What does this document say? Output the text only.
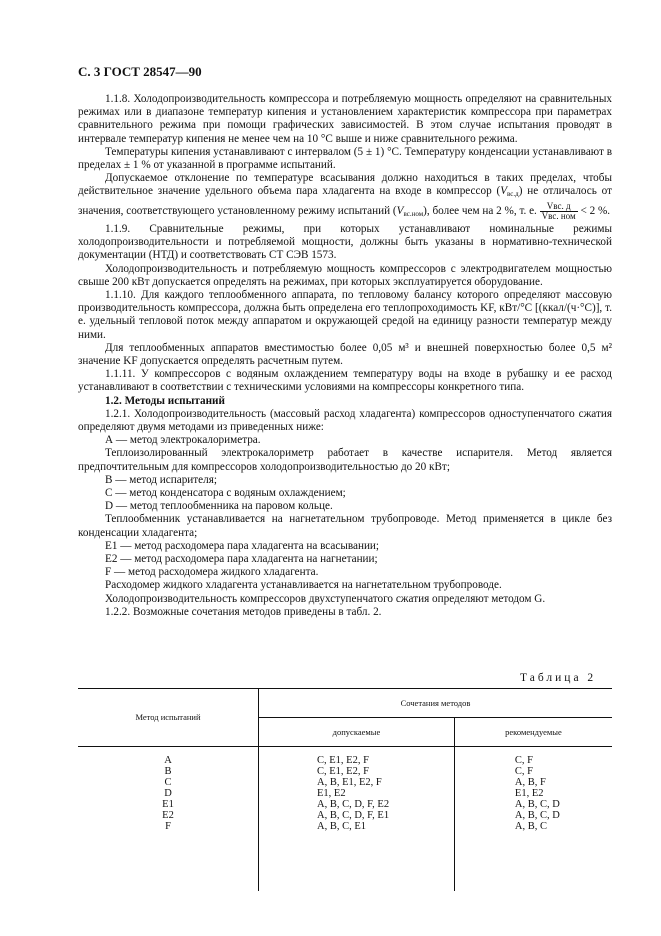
С. 3 ГОСТ 28547—90

1.1.8. Холодопроизводительность компрессора и потребляемую мощность определяют на сравнительных режимах или в диапазоне температур кипения и установлением характеристик компрессора при параметрах сравнительного режима при помощи графических зависимостей. В этом случае испытания проводят в интервале температур кипения не менее чем на 10 °С выше и ниже сравнительного режима.

Температуры кипения устанавливают с интервалом (5 ± 1) °С. Температуру конденсации устанавливают в пределах ± 1 % от указанной в программе испытаний.

Допускаемое отклонение по температуре всасывания должно находиться в таких пределах, чтобы действительное значение удельного объема пара хладагента на входе в компрессор $(V_{вс.д})$ не отличалось от значения, соответствующего установленному режиму испытаний $(V_{вс.ном})$, более чем на 2 %, т. е. $\frac{\text{Vвс. д}}{\text{Vвс. ном}} < 2$ %.

1.1.9. Сравнительные режимы, при которых устанавливают номинальные режимы холодопроизводительности и потребляемой мощности, должны быть указаны в нормативно-технической документации (НТД) и соответствовать СТ СЭВ 1573.

Холодопроизводительность и потребляемую мощность компрессоров с электродвигателем мощностью свыше 200 кВт допускается определять на режимах, при которых эксплуатируется оборудование.

1.1.10. Для каждого теплообменного аппарата, по тепловому балансу которого определяют массовую производительность компрессора, должна быть определена его теплопроходимость KF, кВт/°С [(ккал/(ч·°С)], т. е. удельный тепловой поток между аппаратом и окружающей средой на единицу разности температур между ними.

Для теплообменных аппаратов вместимостью более 0,05 м³ и внешней поверхностью более 0,5 м² значение KF допускается определять расчетным путем.

1.1.11. У компрессоров с водяным охлаждением температуру воды на входе в рубашку и ее расход устанавливают в соответствии с техническими условиями на компрессоры конкретного типа.

1.2. Методы испытаний

1.2.1. Холодопроизводительность (массовый расход хладагента) компрессоров одноступенчатого сжатия определяют двумя методами из приведенных ниже:

А — метод электрокалориметра.

Теплоизолированный электрокалориметр работает в качестве испарителя. Метод является предпочтительным для компрессоров холодопроизводительностью до 20 кВт;

В — метод испарителя;

С — метод конденсатора с водяным охлаждением;

D — метод теплообменника на паровом кольце.

Теплообменник устанавливается на нагнетательном трубопроводе. Метод применяется в цикле без конденсации хладагента;

Е1 — метод расходомера пара хладагента на всасывании;

Е2 — метод расходомера пара хладагента на нагнетании;

F — метод расходомера жидкого хладагента.

Расходомер жидкого хладагента устанавливается на нагнетательном трубопроводе.

Холодопроизводительность компрессоров двухступенчатого сжатия определяют методом G.

1.2.2. Возможные сочетания методов приведены в табл. 2.

Таблица 2
Метод испытаний	Сочетания методов	
	допускаемые	рекомендуемые
А	С, Е1, Е2, F	С, F
В	С, Е1, Е2, F	С, F
С	А, В, Е1, Е2, F	А, В, F
D	Е1, Е2	Е1, Е2
Е1	А, В, С, D, F, Е2	А, В, С, D
Е2	А, В, С, D, F, Е1	А, В, С, D
F	А, В, С, Е1	А, В, С
